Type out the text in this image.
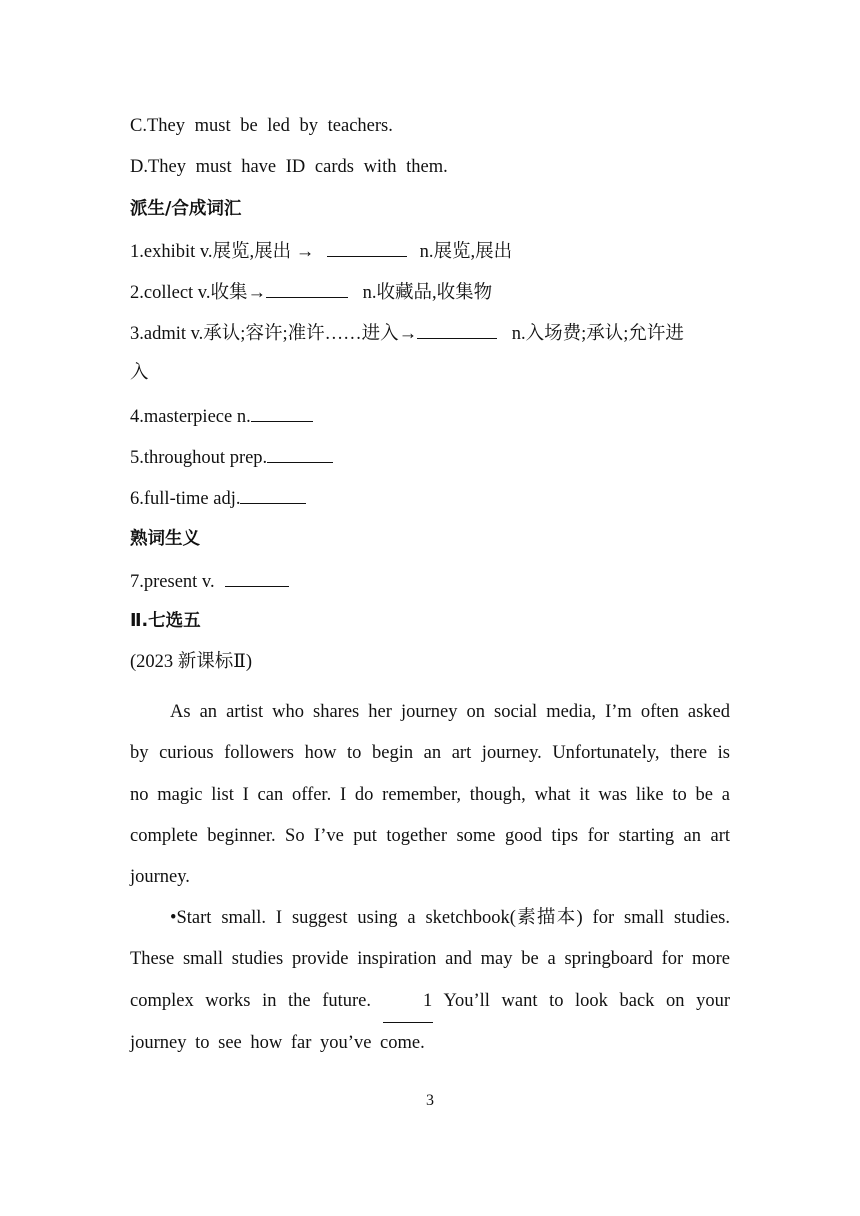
C.They must be led by teachers.
D.They must have ID cards with them.
派生/合成词汇
1.exhibit v.展览,展出 →	n.展览,展出
2.collect v.收集→	n.收藏品,收集物
3.admit v.承认;容许;准许……进入→	n.入场费;承认;允许进
入
4.masterpiece n.
5.throughout prep.
6.full-time adj.
熟词生义
7.present v.
Ⅱ.七选五
(2023 新课标Ⅱ)
As an artist who shares her journey on social media, I’m often asked by curious followers how to begin an art journey. Unfortunately, there is no magic list I can offer. I do remember, though, what it was like to be a complete beginner. So I’ve put together some good tips for starting an art journey.
•Start small. I suggest using a sketchbook(素描本) for small studies. These small studies provide inspiration and may be a springboard for more complex works in the future.	1 You’ll want to look back on your journey to see how far you’ve come.
3
